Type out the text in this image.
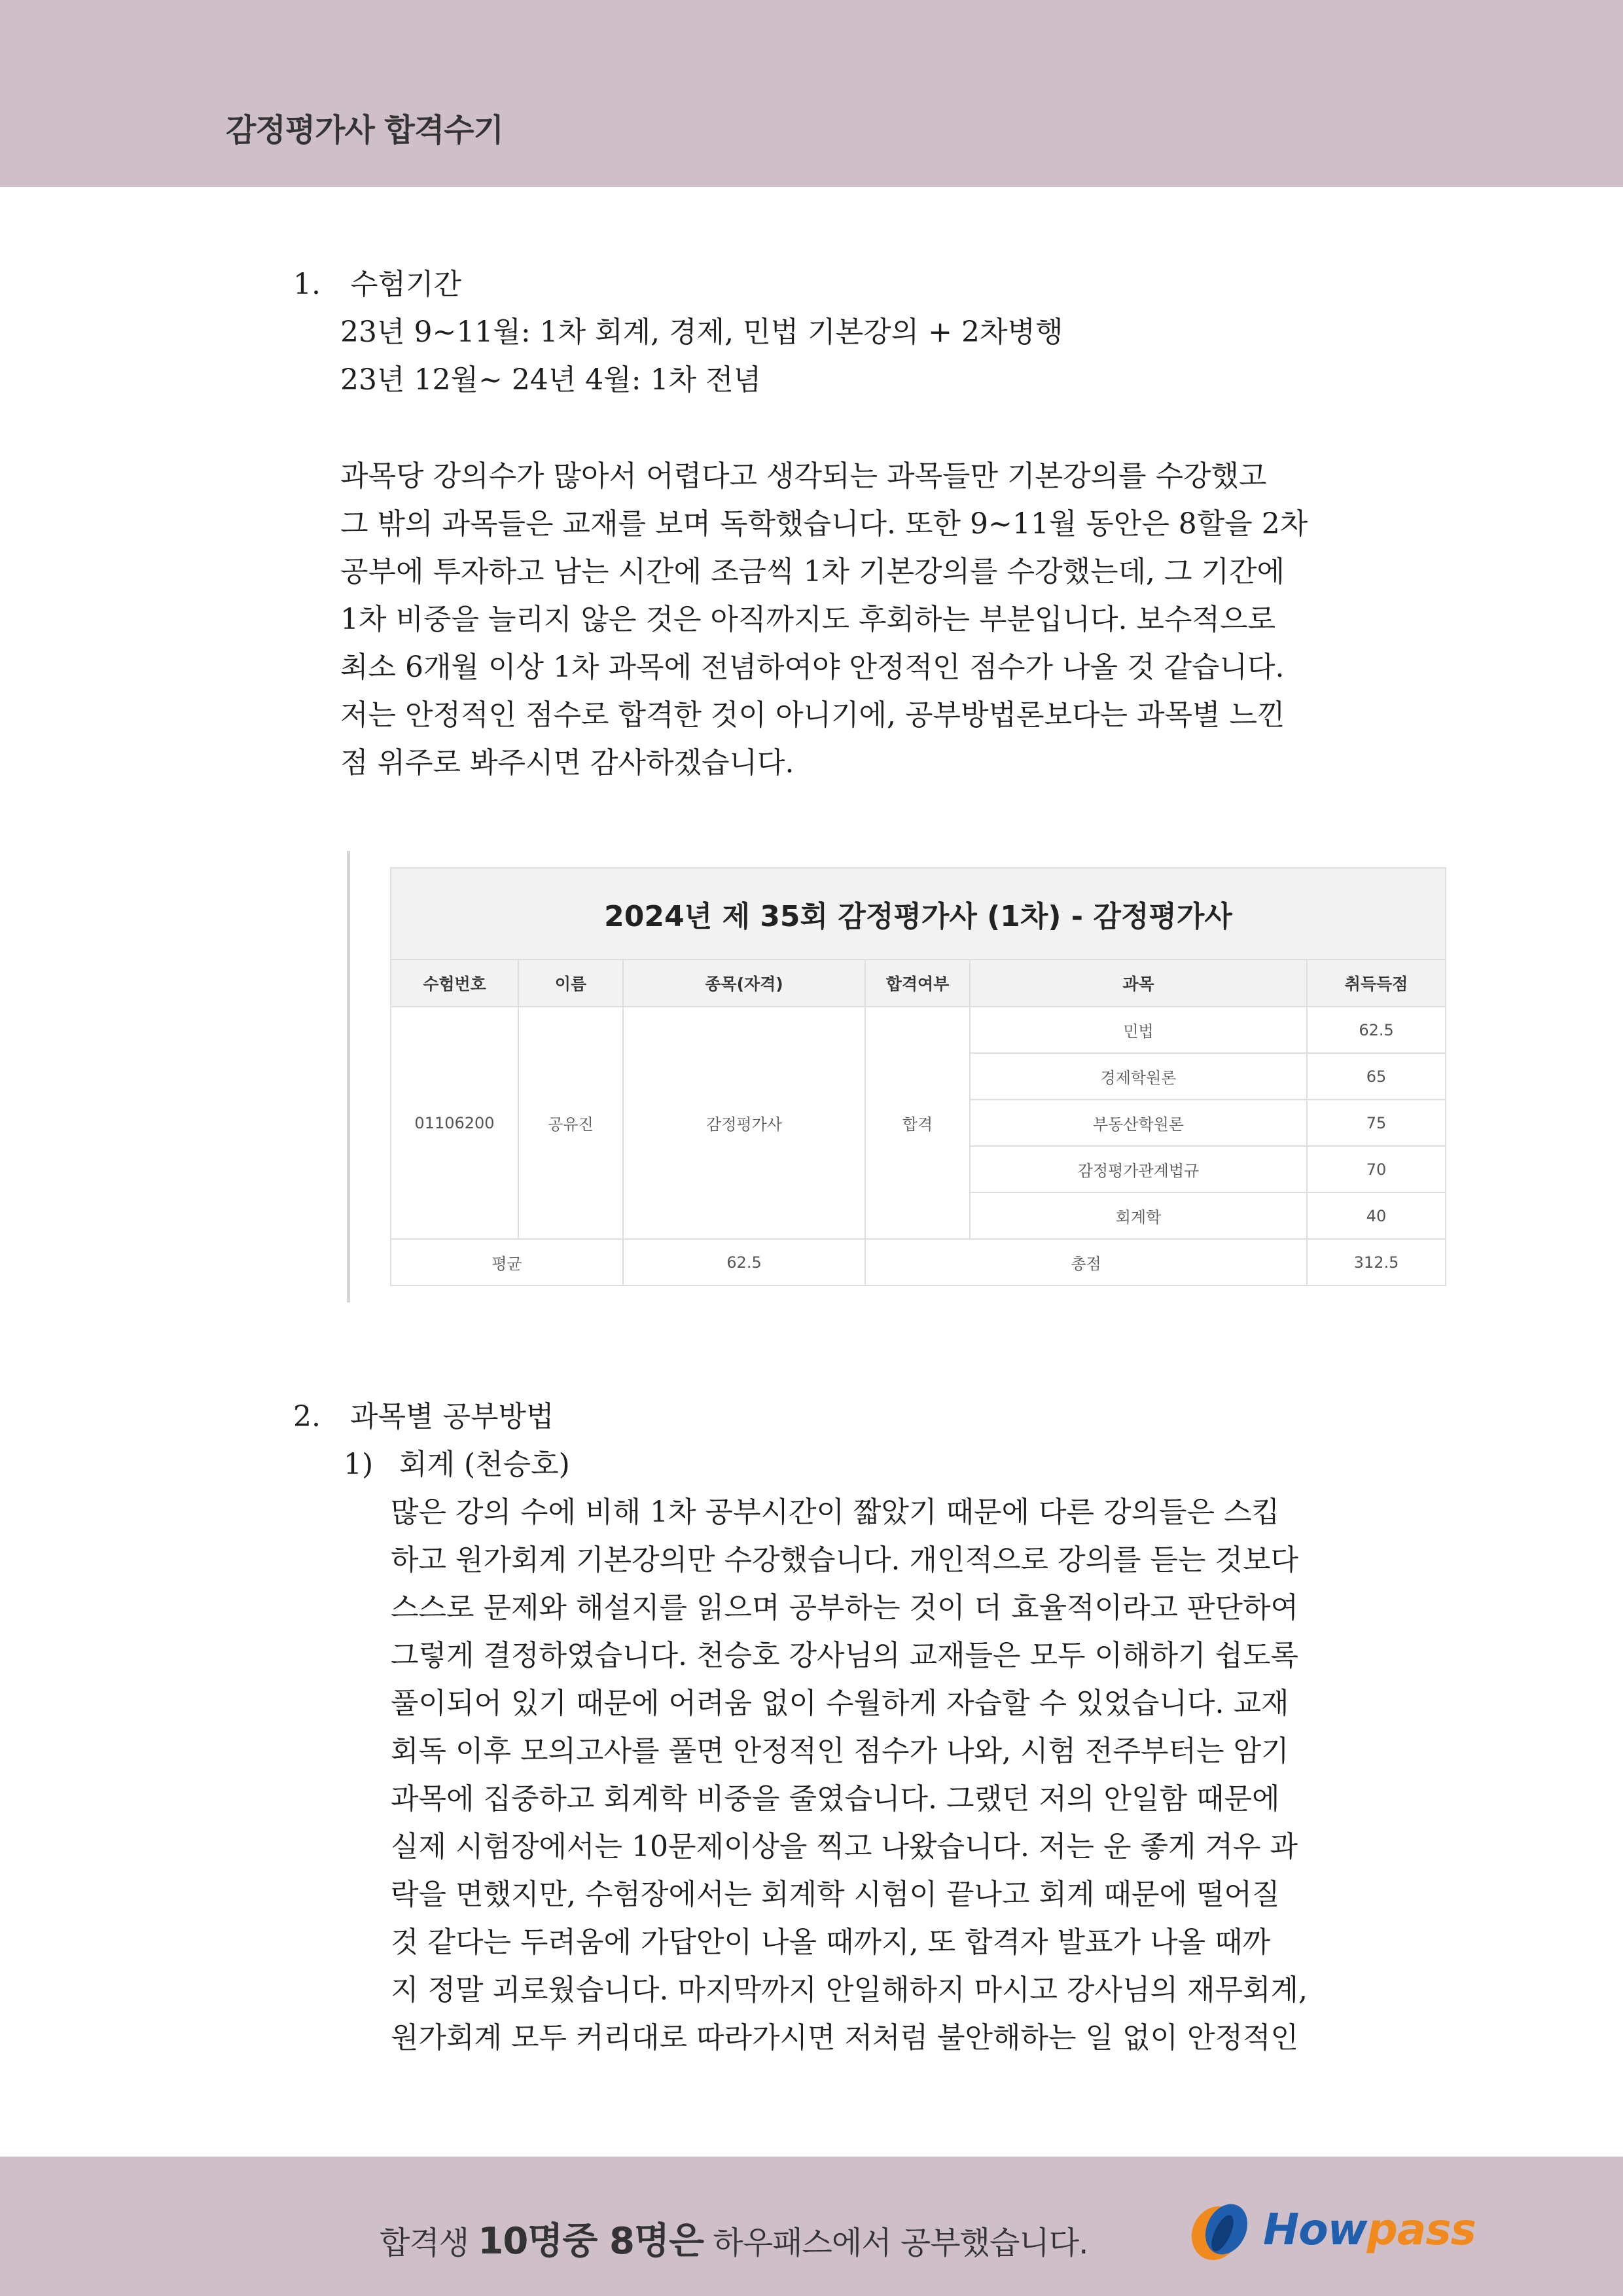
감정평가사 합격수기
1. 수험기간
23년 9~11월: 1차 회계, 경제, 민법 기본강의 + 2차병행
23년 12월~ 24년 4월: 1차 전념
과목당 강의수가 많아서 어렵다고 생각되는 과목들만 기본강의를 수강했고
그 밖의 과목들은 교재를 보며 독학했습니다. 또한 9~11월 동안은 8할을 2차
공부에 투자하고 남는 시간에 조금씩 1차 기본강의를 수강했는데, 그 기간에
1차 비중을 늘리지 않은 것은 아직까지도 후회하는 부분입니다. 보수적으로
최소 6개월 이상 1차 과목에 전념하여야 안정적인 점수가 나올 것 같습니다.
저는 안정적인 점수로 합격한 것이 아니기에, 공부방법론보다는 과목별 느낀
점 위주로 봐주시면 감사하겠습니다.
2024년 제 35회 감정평가사 (1차) - 감정평가사					
수험번호	이름	종목(자격)	합격여부	과목	취득득점
01106200	공유진	감정평가사	합격	민법	62.5
				경제학원론	65
				부동산학원론	75
				감정평가관계법규	70
				회계학	40
평균		62.5	총점		312.5
2. 과목별 공부방법
1) 회계 (천승호)
많은 강의 수에 비해 1차 공부시간이 짧았기 때문에 다른 강의들은 스킵
하고 원가회계 기본강의만 수강했습니다. 개인적으로 강의를 듣는 것보다
스스로 문제와 해설지를 읽으며 공부하는 것이 더 효율적이라고 판단하여
그렇게 결정하였습니다. 천승호 강사님의 교재들은 모두 이해하기 쉽도록
풀이되어 있기 때문에 어려움 없이 수월하게 자습할 수 있었습니다. 교재
회독 이후 모의고사를 풀면 안정적인 점수가 나와, 시험 전주부터는 암기
과목에 집중하고 회계학 비중을 줄였습니다. 그랬던 저의 안일함 때문에
실제 시험장에서는 10문제이상을 찍고 나왔습니다. 저는 운 좋게 겨우 과
락을 면했지만, 수험장에서는 회계학 시험이 끝나고 회계 때문에 떨어질
것 같다는 두려움에 가답안이 나올 때까지, 또 합격자 발표가 나올 때까
지 정말 괴로웠습니다. 마지막까지 안일해하지 마시고 강사님의 재무회계,
원가회계 모두 커리대로 따라가시면 저처럼 불안해하는 일 없이 안정적인
합격생 10명중 8명은 하우패스에서 공부했습니다.	Howpass
